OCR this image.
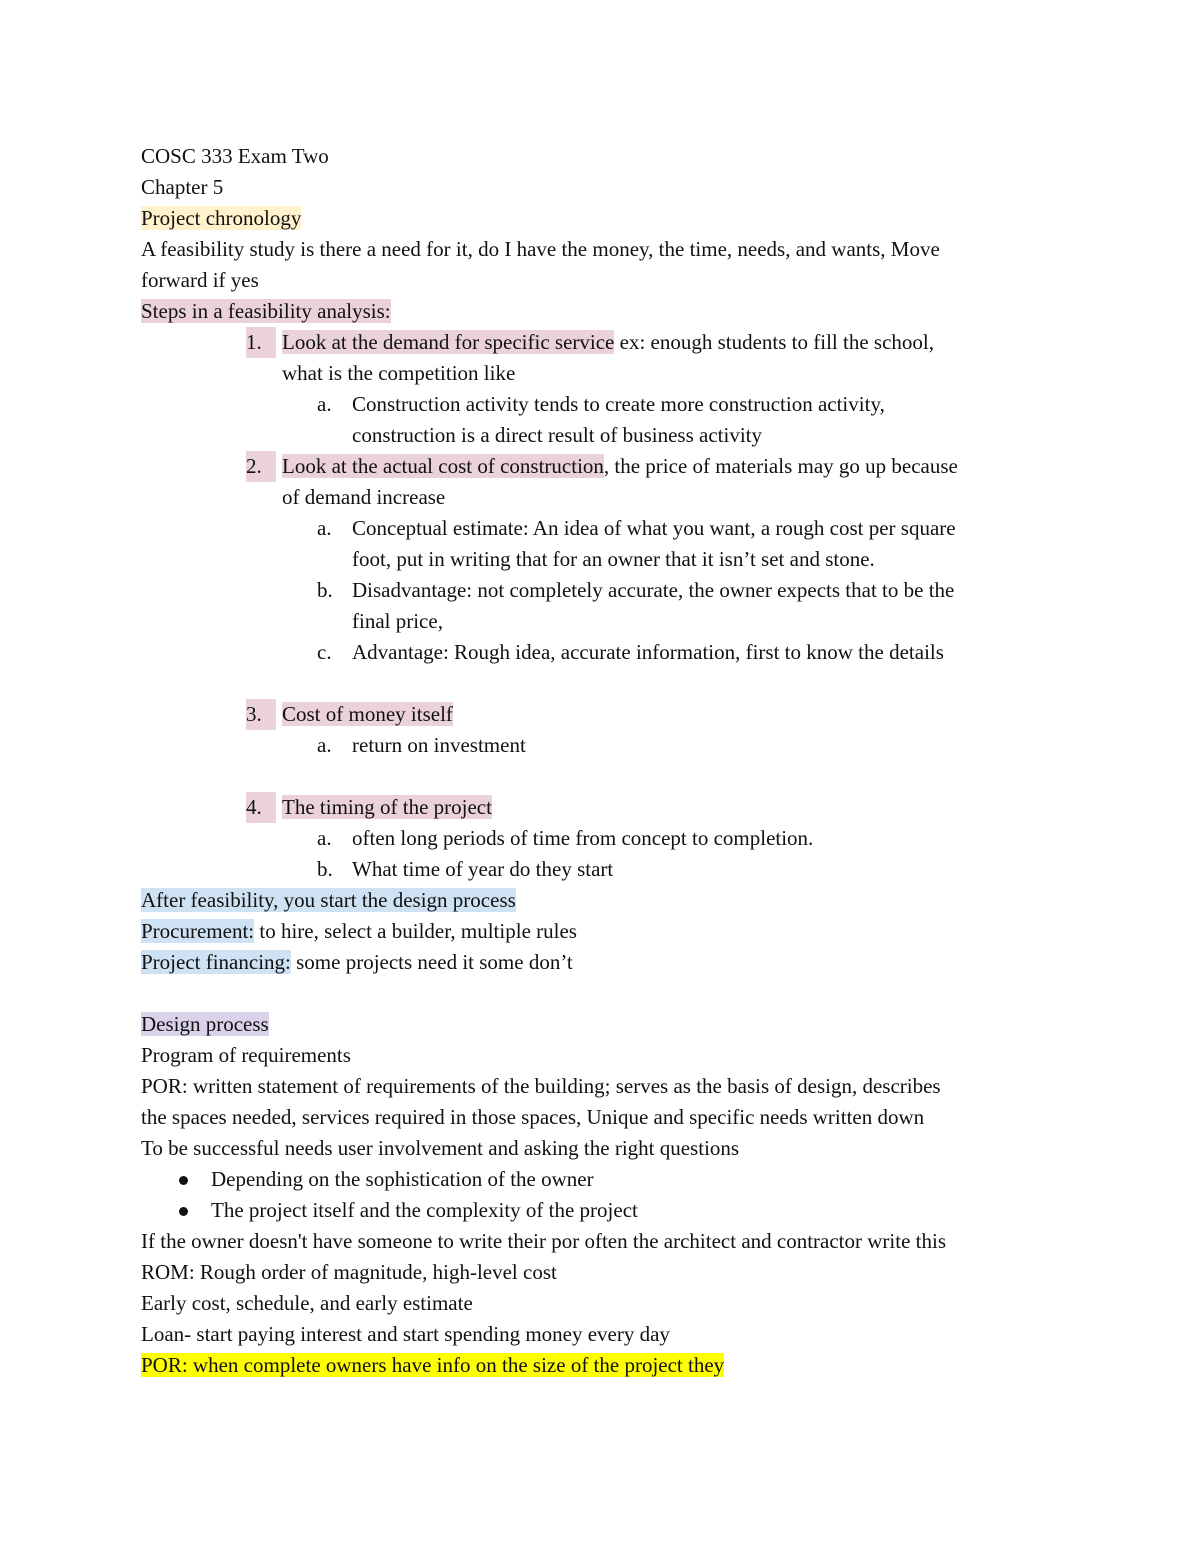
COSC 333 Exam Two
Chapter 5
Project chronology
A feasibility study is there a need for it, do I have the money, the time, needs, and wants, Move
forward if yes
Steps in a feasibility analysis:
1. Look at the demand for specific service ex: enough students to fill the school,
what is the competition like
a. Construction activity tends to create more construction activity,
construction is a direct result of business activity
2. Look at the actual cost of construction, the price of materials may go up because
of demand increase
a. Conceptual estimate: An idea of what you want, a rough cost per square
foot, put in writing that for an owner that it isn’t set and stone.
b. Disadvantage: not completely accurate, the owner expects that to be the
final price,
c. Advantage: Rough idea, accurate information, first to know the details
3. Cost of money itself
a. return on investment
4. The timing of the project
a. often long periods of time from concept to completion.
b. What time of year do they start
After feasibility, you start the design process
Procurement: to hire, select a builder, multiple rules
Project financing: some projects need it some don’t
Design process
Program of requirements
POR: written statement of requirements of the building; serves as the basis of design, describes
the spaces needed, services required in those spaces, Unique and specific needs written down
To be successful needs user involvement and asking the right questions
Depending on the sophistication of the owner
The project itself and the complexity of the project
If the owner doesn't have someone to write their por often the architect and contractor write this
ROM: Rough order of magnitude, high-level cost
Early cost, schedule, and early estimate
Loan- start paying interest and start spending money every day
POR: when complete owners have info on the size of the project they
